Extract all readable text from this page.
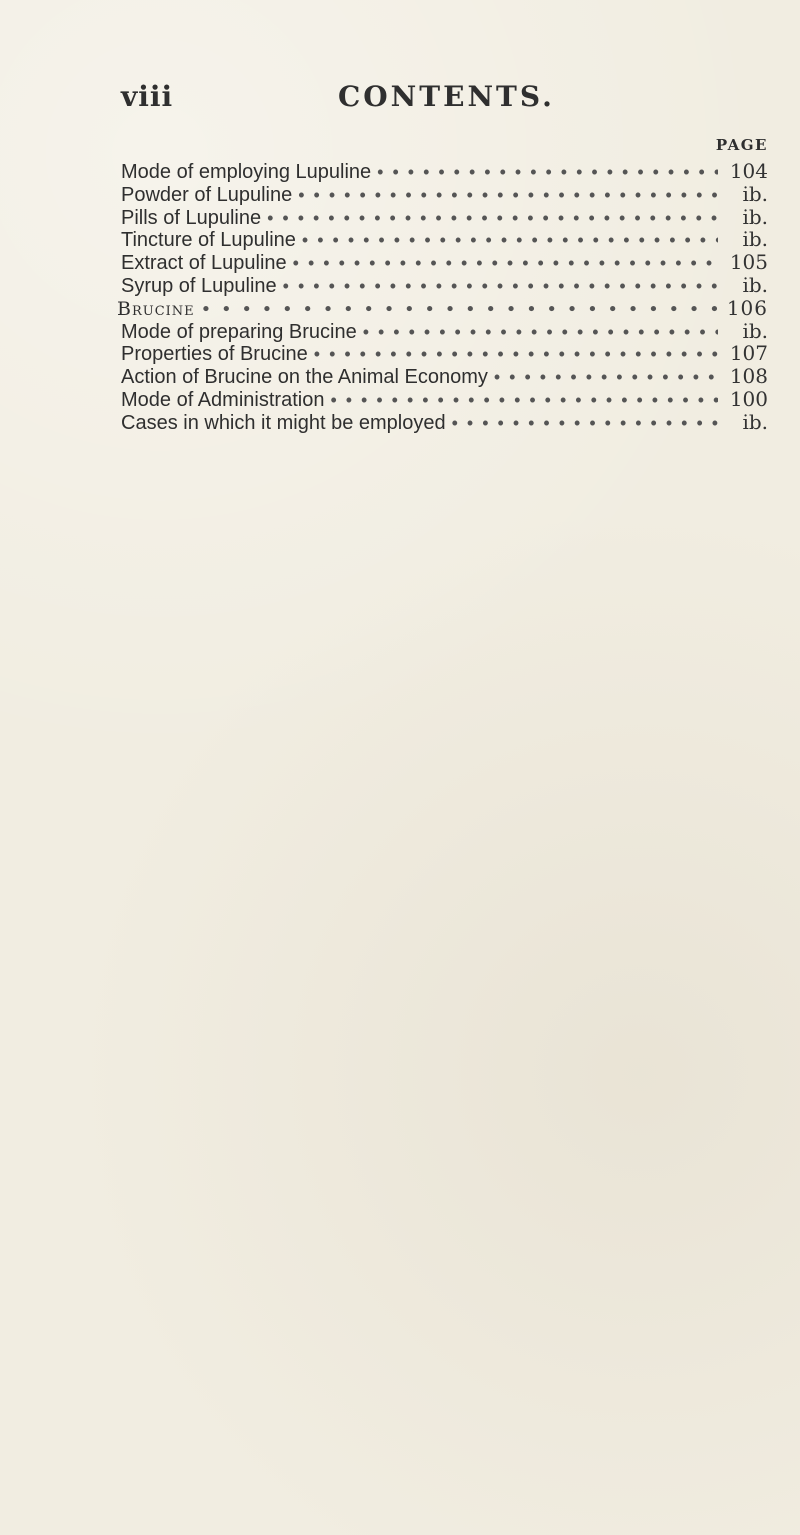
viii	CONTENTS.
PAGE
Mode of employing Lupuline • • •	104
Powder of Lupuline • • •	ib.
Pills of Lupuline • • •	ib.
Tincture of Lupuline • • •	ib.
Extract of Lupuline • • •	105
Syrup of Lupuline • • •	ib.
Brucine • • •	106
Mode of preparing Brucine • • •	ib.
Properties of Brucine • • •	107
Action of Brucine on the Animal Economy • • •	108
Mode of Administration • • •	100
Cases in which it might be employed • • •	ib.
